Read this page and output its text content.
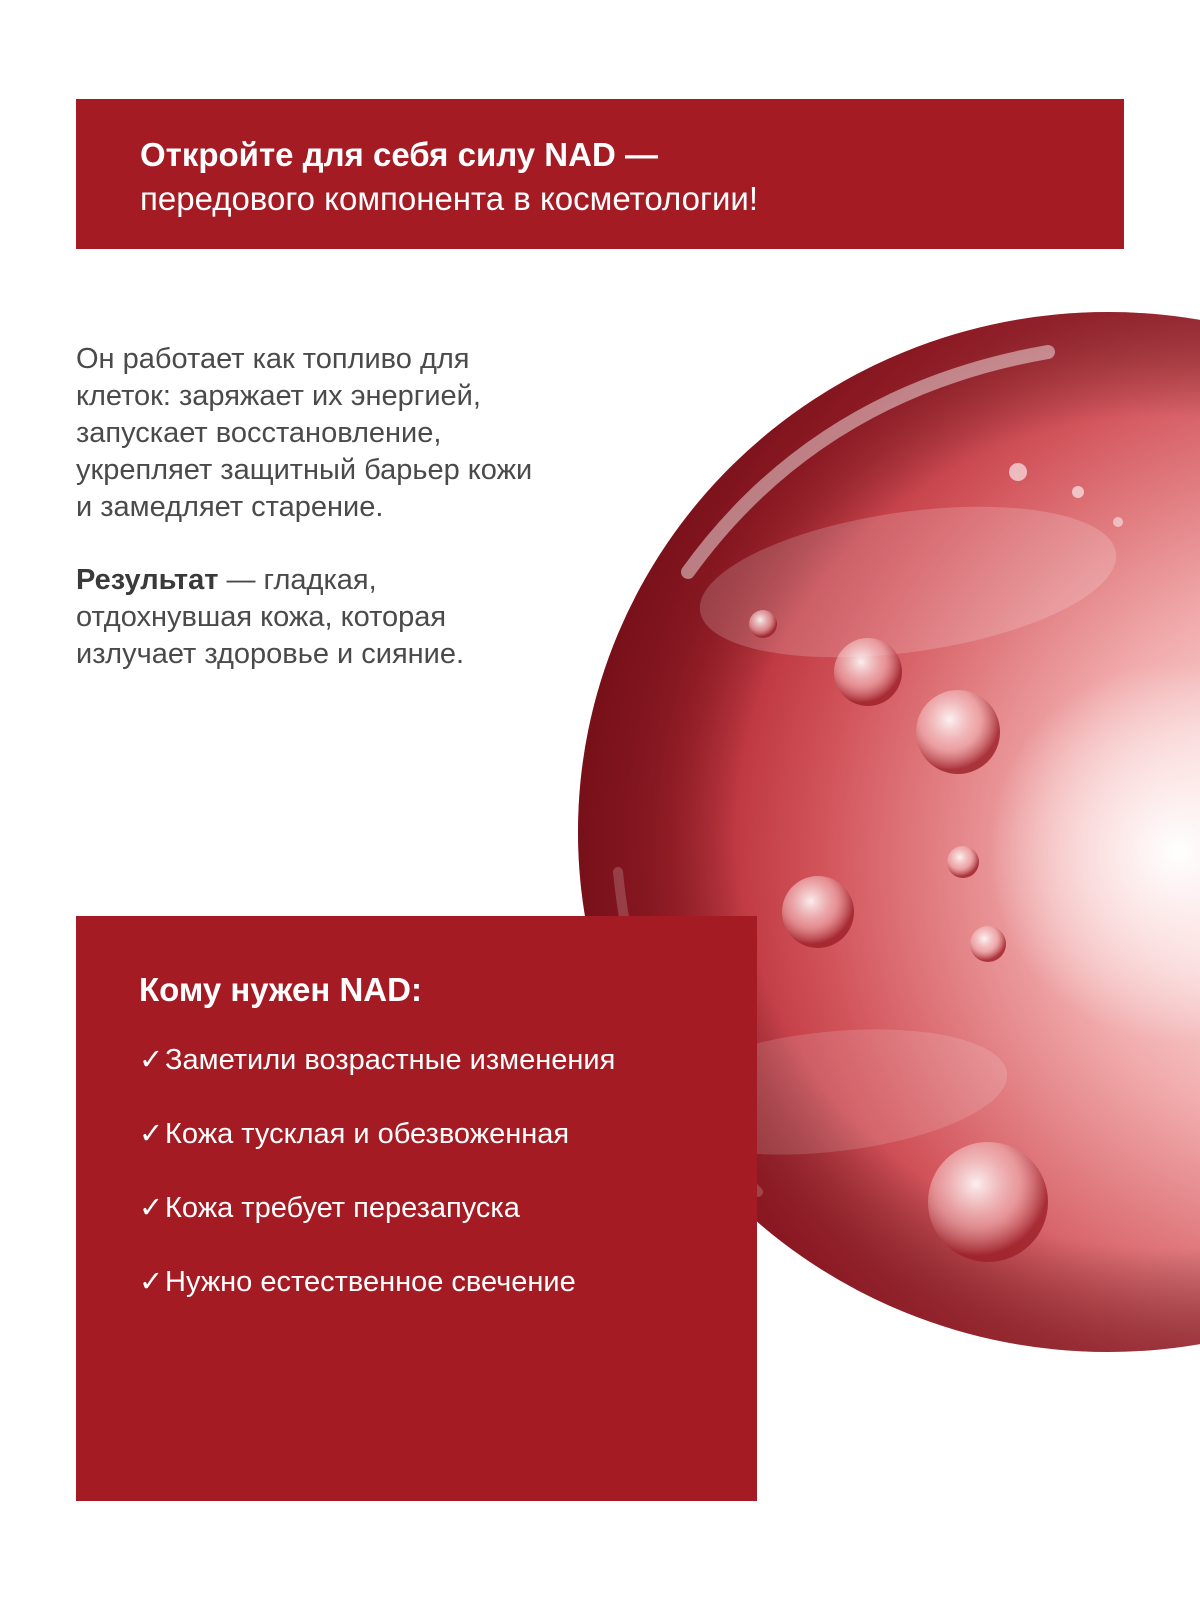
Откройте для себя силу NAD —
передового компонента в косметологии!

Он работает как топливо для клеток: заряжает их энергией, запускает восстановление, укрепляет защитный барьер кожи и замедляет старение.

Результат — гладкая, отдохнувшая кожа, которая излучает здоровье и сияние.

Кому нужен NAD:
✓Заметили возрастные изменения
✓Кожа тусклая и обезвоженная
✓Кожа требует перезапуска
✓Нужно естественное свечение
